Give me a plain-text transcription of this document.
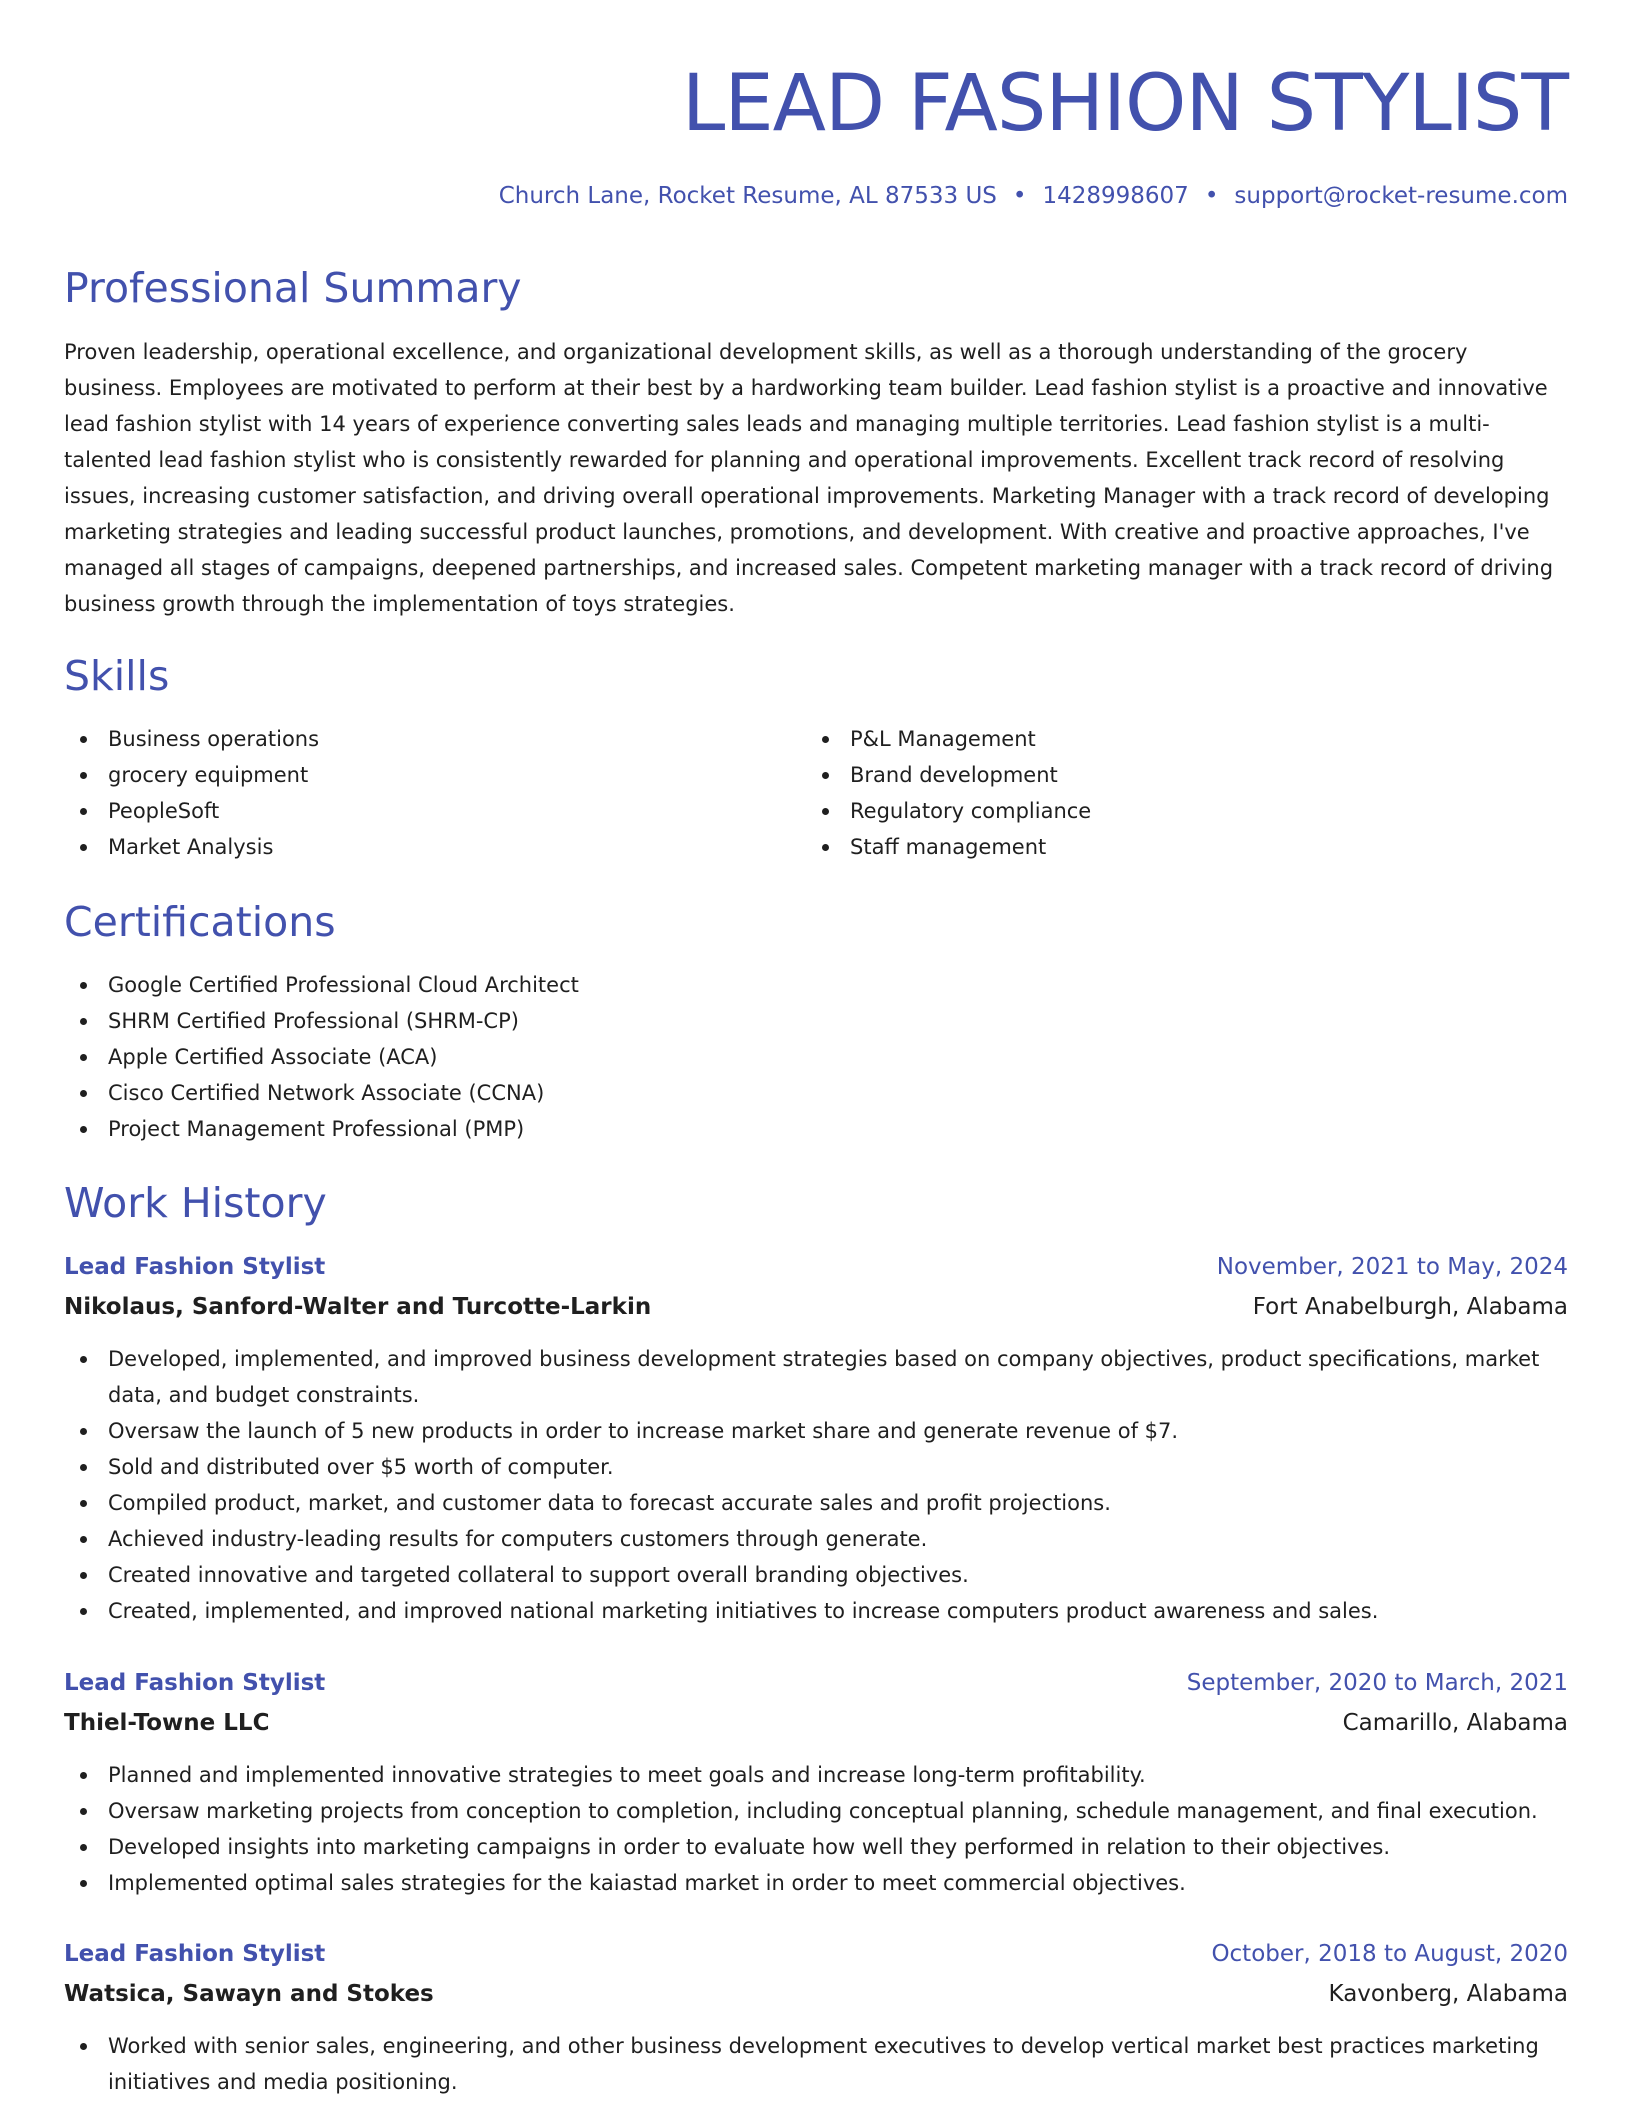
LEAD FASHION STYLIST
Church Lane, Rocket Resume, AL 87533 US • 1428998607 • support@rocket-resume.com
Professional Summary

Proven leadership, operational excellence, and organizational development skills, as well as a thorough understanding of the grocery business. Employees are motivated to perform at their best by a hardworking team builder. Lead fashion stylist is a proactive and innovative lead fashion stylist with 14 years of experience converting sales leads and managing multiple territories. Lead fashion stylist is a multi-talented lead fashion stylist who is consistently rewarded for planning and operational improvements. Excellent track record of resolving issues, increasing customer satisfaction, and driving overall operational improvements. Marketing Manager with a track record of developing marketing strategies and leading successful product launches, promotions, and development. With creative and proactive approaches, I've managed all stages of campaigns, deepened partnerships, and increased sales. Competent marketing manager with a track record of driving business growth through the implementation of toys strategies.

Skills
Business operations
grocery equipment
PeopleSoft
Market Analysis
P&L Management
Brand development
Regulatory compliance
Staff management
Certifications
Google Certified Professional Cloud Architect
SHRM Certified Professional (SHRM-CP)
Apple Certified Associate (ACA)
Cisco Certified Network Associate (CCNA)
Project Management Professional (PMP)
Work History
Lead Fashion Stylist	November, 2021 to May, 2024
Nikolaus, Sanford-Walter and Turcotte-Larkin	Fort Anabelburgh, Alabama
Developed, implemented, and improved business development strategies based on company objectives, product specifications, market data, and budget constraints.
Oversaw the launch of 5 new products in order to increase market share and generate revenue of $7.
Sold and distributed over $5 worth of computer.
Compiled product, market, and customer data to forecast accurate sales and profit projections.
Achieved industry-leading results for computers customers through generate.
Created innovative and targeted collateral to support overall branding objectives.
Created, implemented, and improved national marketing initiatives to increase computers product awareness and sales.
Lead Fashion Stylist	September, 2020 to March, 2021
Thiel-Towne LLC	Camarillo, Alabama
Planned and implemented innovative strategies to meet goals and increase long-term profitability.
Oversaw marketing projects from conception to completion, including conceptual planning, schedule management, and final execution.
Developed insights into marketing campaigns in order to evaluate how well they performed in relation to their objectives.
Implemented optimal sales strategies for the kaiastad market in order to meet commercial objectives.
Lead Fashion Stylist	October, 2018 to August, 2020
Watsica, Sawayn and Stokes	Kavonberg, Alabama
Worked with senior sales, engineering, and other business development executives to develop vertical market best practices marketing initiatives and media positioning.
